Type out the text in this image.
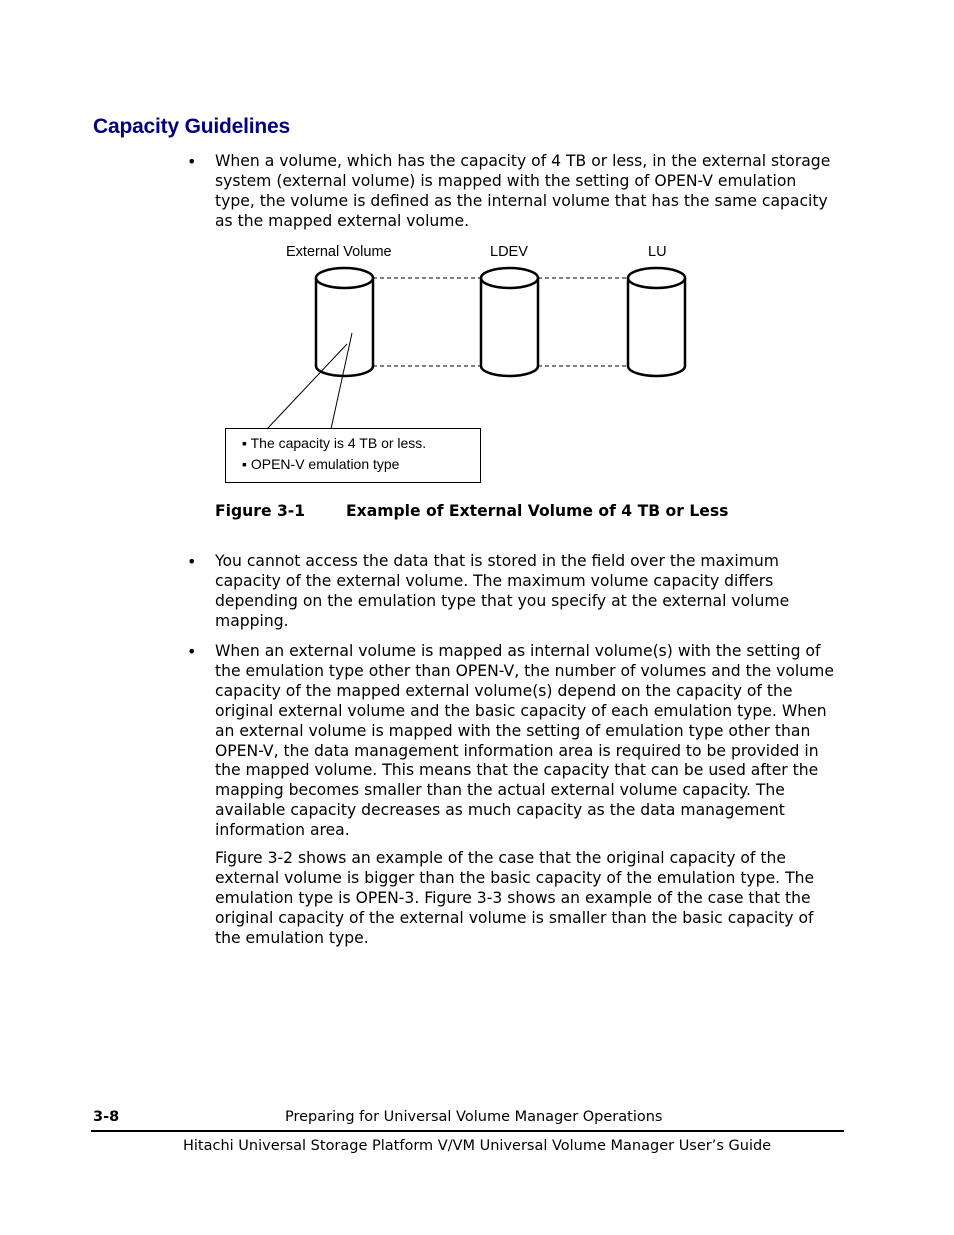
Capacity Guidelines
• When a volume, which has the capacity of 4 TB or less, in the external storage system (external volume) is mapped with the setting of OPEN-V emulation type, the volume is defined as the internal volume that has the same capacity as the mapped external volume.

External Volume	LDEV	LU
▪ The capacity is 4 TB or less.
▪ OPEN-V emulation type
Figure 3-1	Example of External Volume of 4 TB or Less
• You cannot access the data that is stored in the field over the maximum capacity of the external volume. The maximum volume capacity differs depending on the emulation type that you specify at the external volume mapping.

• When an external volume is mapped as internal volume(s) with the setting of the emulation type other than OPEN-V, the number of volumes and the volume capacity of the mapped external volume(s) depend on the capacity of the original external volume and the basic capacity of each emulation type. When an external volume is mapped with the setting of emulation type other than OPEN-V, the data management information area is required to be provided in the mapped volume. This means that the capacity that can be used after the mapping becomes smaller than the actual external volume capacity. The available capacity decreases as much capacity as the data management information area.

Figure 3-2 shows an example of the case that the original capacity of the external volume is bigger than the basic capacity of the emulation type. The emulation type is OPEN-3. Figure 3-3 shows an example of the case that the original capacity of the external volume is smaller than the basic capacity of the emulation type.

3-8	Preparing for Universal Volume Manager Operations
Hitachi Universal Storage Platform V/VM Universal Volume Manager User’s Guide
